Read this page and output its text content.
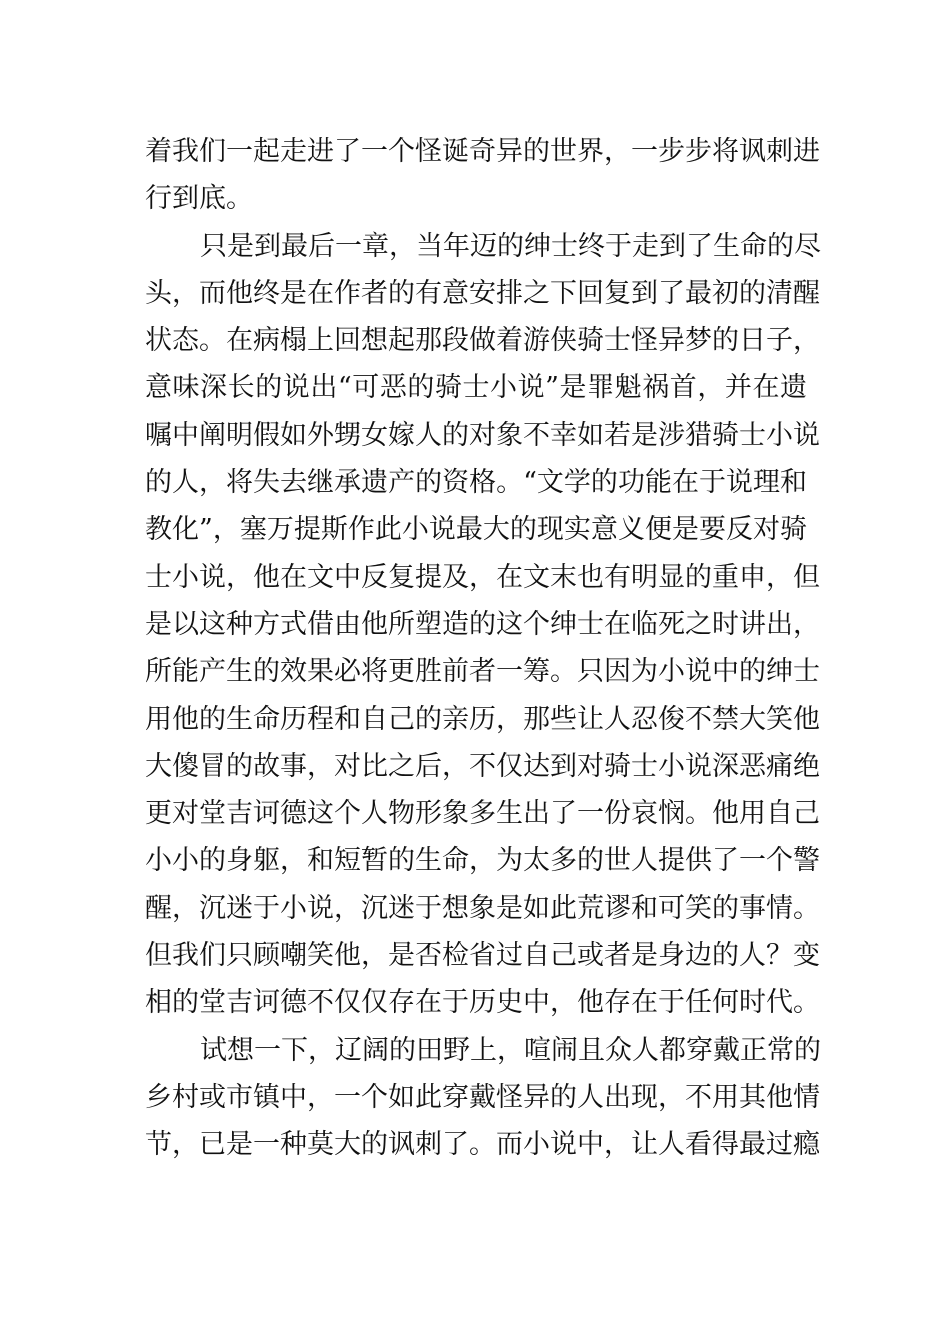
着我们一起走进了一个怪诞奇异的世界，一步步将讽刺进
行到底。
只是到最后一章，当年迈的绅士终于走到了生命的尽
头，而他终是在作者的有意安排之下回复到了最初的清醒
状态。在病榻上回想起那段做着游侠骑士怪异梦的日子，
意味深长的说出“可恶的骑士小说”是罪魁祸首，并在遗
嘱中阐明假如外甥女嫁人的对象不幸如若是涉猎骑士小说
的人，将失去继承遗产的资格。“文学的功能在于说理和
教化”，塞万提斯作此小说最大的现实意义便是要反对骑
士小说，他在文中反复提及，在文末也有明显的重申，但
是以这种方式借由他所塑造的这个绅士在临死之时讲出，
所能产生的效果必将更胜前者一筹。只因为小说中的绅士
用他的生命历程和自己的亲历，那些让人忍俊不禁大笑他
大傻冒的故事，对比之后，不仅达到对骑士小说深恶痛绝
更对堂吉诃德这个人物形象多生出了一份哀悯。他用自己
小小的身躯，和短暂的生命，为太多的世人提供了一个警
醒，沉迷于小说，沉迷于想象是如此荒谬和可笑的事情。
但我们只顾嘲笑他，是否检省过自己或者是身边的人？变
相的堂吉诃德不仅仅存在于历史中，他存在于任何时代。
试想一下，辽阔的田野上，喧闹且众人都穿戴正常的
乡村或市镇中，一个如此穿戴怪异的人出现，不用其他情
节，已是一种莫大的讽刺了。而小说中，让人看得最过瘾
